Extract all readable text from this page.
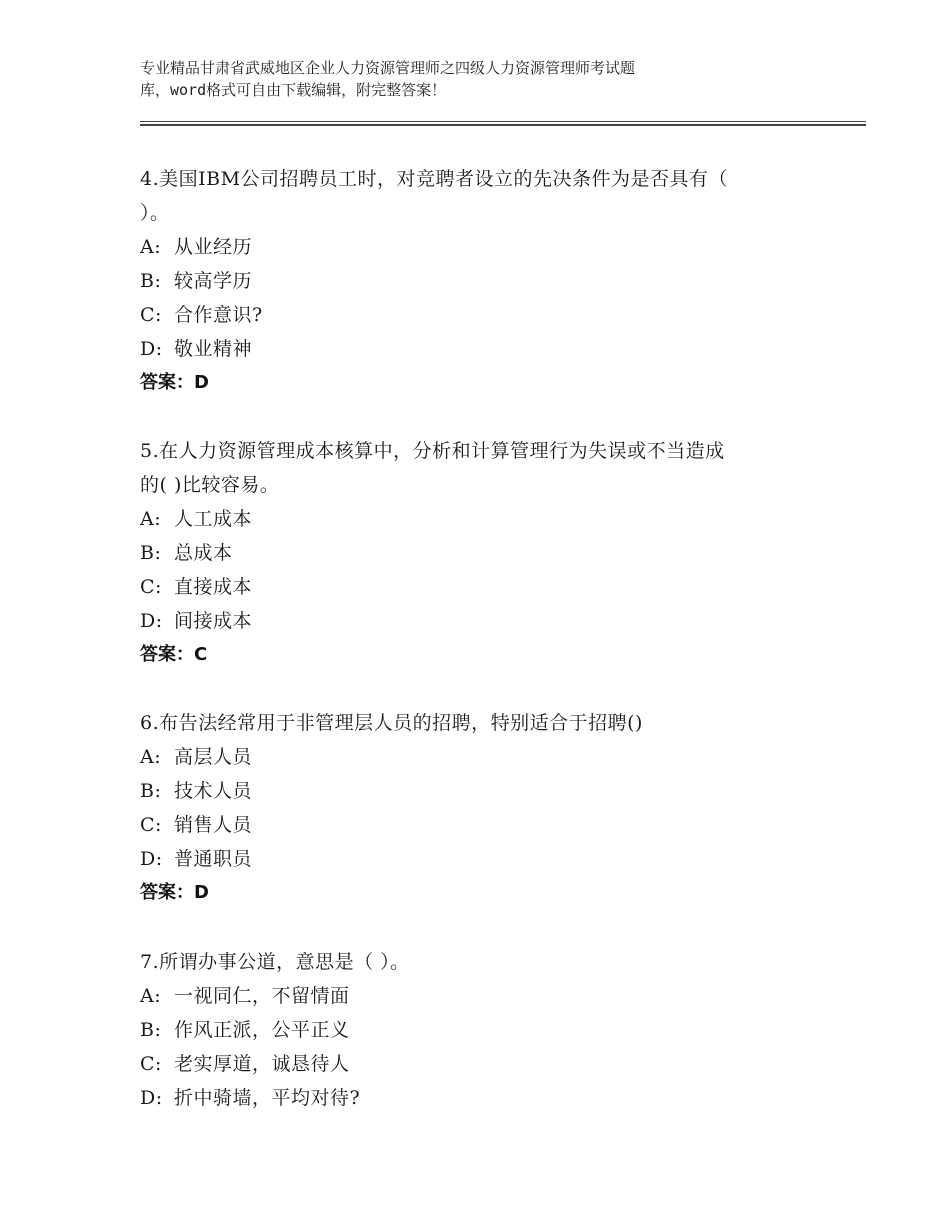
专业精品甘肃省武威地区企业人力资源管理师之四级人力资源管理师考试题
库，word格式可自由下载编辑，附完整答案！
4.美国IBM公司招聘员工时，对竞聘者设立的先决条件为是否具有（
）。
A: 从业经历
B: 较高学历
C: 合作意识?
D: 敬业精神
答案：D
5.在人力资源管理成本核算中，分析和计算管理行为失误或不当造成
的( )比较容易。
A: 人工成本
B: 总成本
C: 直接成本
D: 间接成本
答案：C
6.布告法经常用于非管理层人员的招聘，特别适合于招聘()
A: 高层人员
B: 技术人员
C: 销售人员
D: 普通职员
答案：D
7.所谓办事公道，意思是（ ）。
A: 一视同仁，不留情面
B: 作风正派，公平正义
C: 老实厚道，诚恳待人
D: 折中骑墙，平均对待?
